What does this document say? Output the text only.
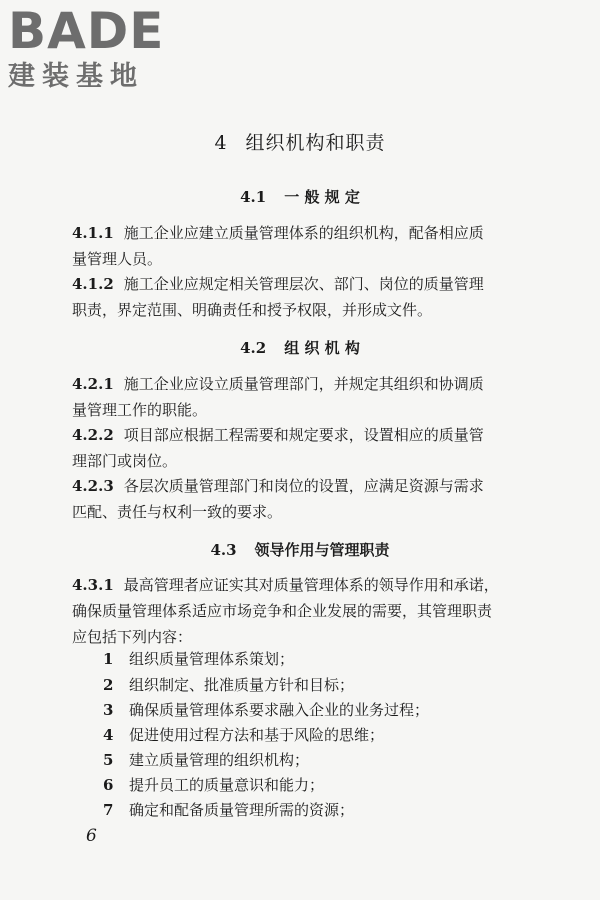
BADE
建装基地
4 组织机构和职责
4.1 一 般 规 定
4.1.1 施工企业应建立质量管理体系的组织机构，配备相应质
量管理人员。
4.1.2 施工企业应规定相关管理层次、部门、岗位的质量管理
职责，界定范围、明确责任和授予权限，并形成文件。
4.2 组 织 机 构
4.2.1 施工企业应设立质量管理部门，并规定其组织和协调质
量管理工作的职能。
4.2.2 项目部应根据工程需要和规定要求，设置相应的质量管
理部门或岗位。
4.2.3 各层次质量管理部门和岗位的设置，应满足资源与需求
匹配、责任与权利一致的要求。
4.3 领导作用与管理职责
4.3.1 最高管理者应证实其对质量管理体系的领导作用和承诺，
确保质量管理体系适应市场竞争和企业发展的需要，其管理职责
应包括下列内容：
1 组织质量管理体系策划；
2 组织制定、批准质量方针和目标；
3 确保质量管理体系要求融入企业的业务过程；
4 促进使用过程方法和基于风险的思维；
5 建立质量管理的组织机构；
6 提升员工的质量意识和能力；
7 确定和配备质量管理所需的资源；
6
